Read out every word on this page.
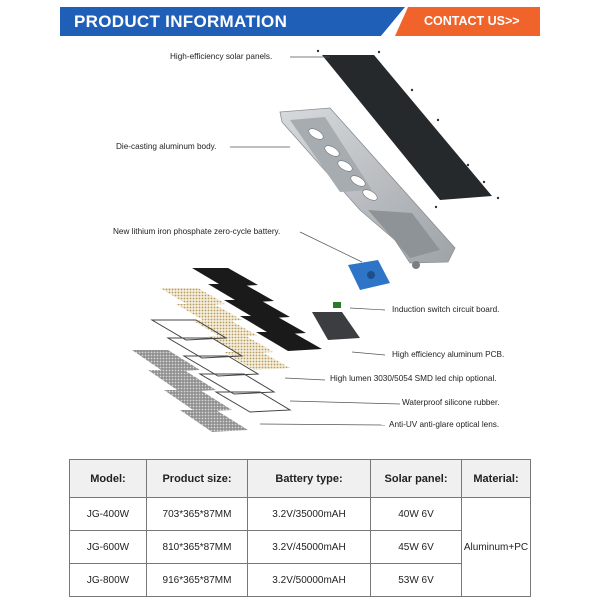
PRODUCT INFORMATION	CONTACT US>>
High-efficiency solar panels.
Die-casting aluminum body.
New lithium iron phosphate zero-cycle battery.
Induction switch circuit board.
High efficiency aluminum PCB.
High lumen 3030/5054 SMD led chip optional.
Waterproof silicone rubber.
Anti-UV anti-glare optical lens.
Model:	Product size:	Battery type:	Solar panel:	Material:
JG-400W	703*365*87MM	3.2V/35000mAH	40W 6V	Aluminum+PC
JG-600W	810*365*87MM	3.2V/45000mAH	45W 6V	
JG-800W	916*365*87MM	3.2V/50000mAH	53W 6V	
